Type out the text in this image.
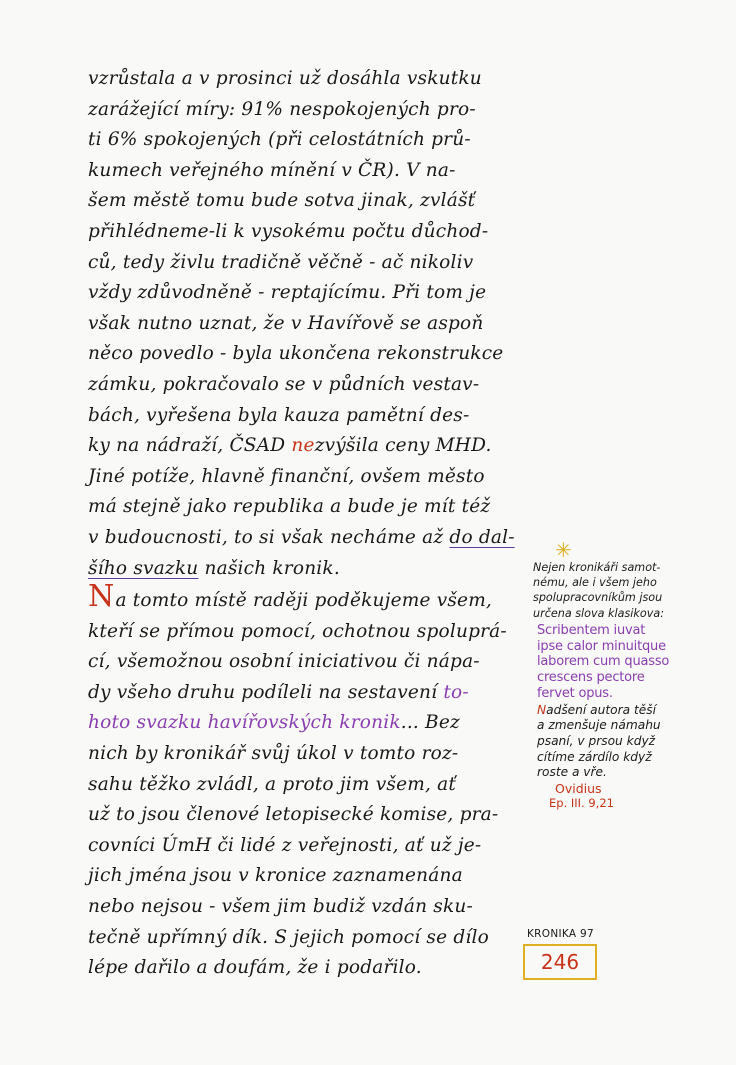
vzrůstala a v prosinci už dosáhla vskutku
zarážející míry: 91% nespokojených pro-
ti 6% spokojených (při celostátních prů-
kumech veřejného mínění v ČR). V na-
šem městě tomu bude sotva jinak, zvlášť
přihlédneme-li k vysokému počtu důchod-
ců, tedy živlu tradičně věčně - ač nikoliv
vždy zdůvodněně - reptajícímu. Při tom je
však nutno uznat, že v Havířově se aspoň
něco povedlo - byla ukončena rekonstrukce
zámku, pokračovalo se v půdních vestav-
bách, vyřešena byla kauza pamětní des-
ky na nádraží, ČSAD nezvýšila ceny MHD.
Jiné potíže, hlavně finanční, ovšem město
má stejně jako republika a bude je mít též
v budoucnosti, to si však necháme až do dal-
šího svazku našich kronik.
Na tomto místě raději poděkujeme všem,
kteří se přímou pomocí, ochotnou spoluprá-
cí, všemožnou osobní iniciativou či nápa-
dy všeho druhu podíleli na sestavení to-
hoto svazku havířovských kronik... Bez
nich by kronikář svůj úkol v tomto roz-
sahu těžko zvládl, a proto jim všem, ať
už to jsou členové letopisecké komise, pra-
covníci ÚmH či lidé z veřejnosti, ať už je-
jich jména jsou v kronice zaznamenána
nebo nejsou - všem jim budiž vzdán sku-
tečně upřímný dík. S jejich pomocí se dílo
lépe dařilo a doufám, že i podařilo.
✳
Nejen kronikáři samot-
nému, ale i všem jeho
spolupracovníkům jsou
určena slova klasikova:
Scribentem iuvat
ipse calor minuitque
laborem cum quasso
crescens pectore
fervet opus.
Nadšení autora těší
a zmenšuje námahu
psaní, v prsou když
cítíme zárdílo když
roste a vře.
Ovidius
Ep. III. 9,21
KRONIKA 97
246
